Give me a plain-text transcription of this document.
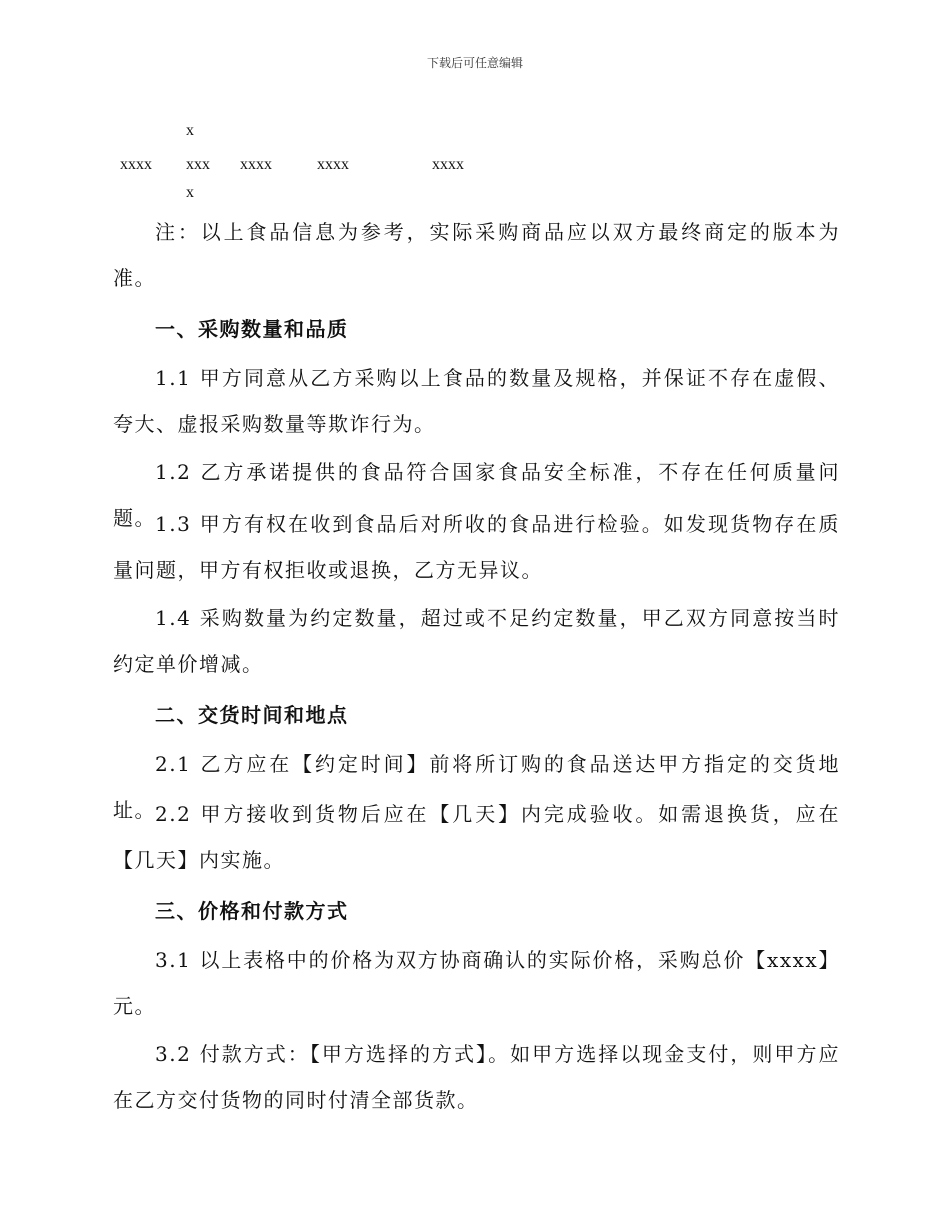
下载后可任意编辑
x
xxxx xxx
x
xxxx	xxxx	xxxx

注：以上食品信息为参考，实际采购商品应以双方最终商定的版本为准。

一、采购数量和品质

1.1 甲方同意从乙方采购以上食品的数量及规格，并保证不存在虚假、夸大、虚报采购数量等欺诈行为。

1.2 乙方承诺提供的食品符合国家食品安全标准，不存在任何质量问题。 1.3 甲方有权在收到食品后对所收的食品进行检验。如发现货物存在质量问题，甲方有权拒收或退换，乙方无异议。

1.4 采购数量为约定数量，超过或不足约定数量，甲乙双方同意按当时约定单价增减。

二、交货时间和地点

2.1 乙方应在【约定时间】前将所订购的食品送达甲方指定的交货地址。 2.2 甲方接收到货物后应在【几天】内完成验收。如需退换货，应在【几天】内实施。

三、价格和付款方式

3.1 以上表格中的价格为双方协商确认的实际价格，采购总价【xxxx】元。

3.2 付款方式：【甲方选择的方式】。如甲方选择以现金支付，则甲方应在乙方交付货物的同时付清全部货款。
